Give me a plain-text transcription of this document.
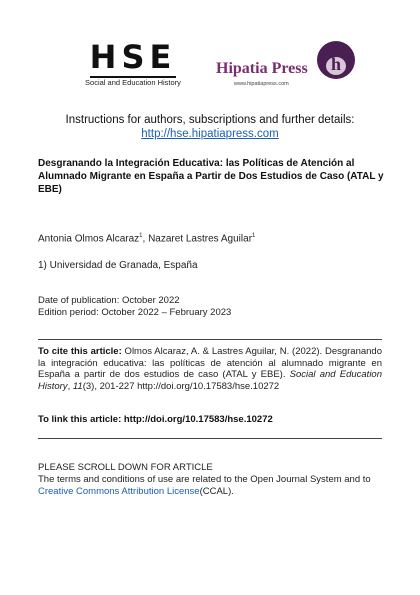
HSE
Social and Education History
Hipatia Press
www.hipatiapress.com
h
Instructions for authors, subscriptions and further details:
http://hse.hipatiapress.com
Desgranando la Integración Educativa: las Políticas de Atención al Alumnado Migrante en España a Partir de Dos Estudios de Caso (ATAL y EBE)
Antonia Olmos Alcaraz$^1$, Nazaret Lastres Aguilar$^1$
1) Universidad de Granada, España
Date of publication: October 2022
Edition period: October 2022 – February 2023
To cite this article: Olmos Alcaraz, A. & Lastres Aguilar, N. (2022). Desgranando la integración educativa: las políticas de atención al alumnado migrante en España a partir de dos estudios de caso (ATAL y EBE). Social and Education History, 11(3), 201-227 http://doi.org/10.17583/hse.10272
To link this article: http://doi.org/10.17583/hse.10272
PLEASE SCROLL DOWN FOR ARTICLE
The terms and conditions of use are related to the Open Journal System and to Creative Commons Attribution License(CCAL).
